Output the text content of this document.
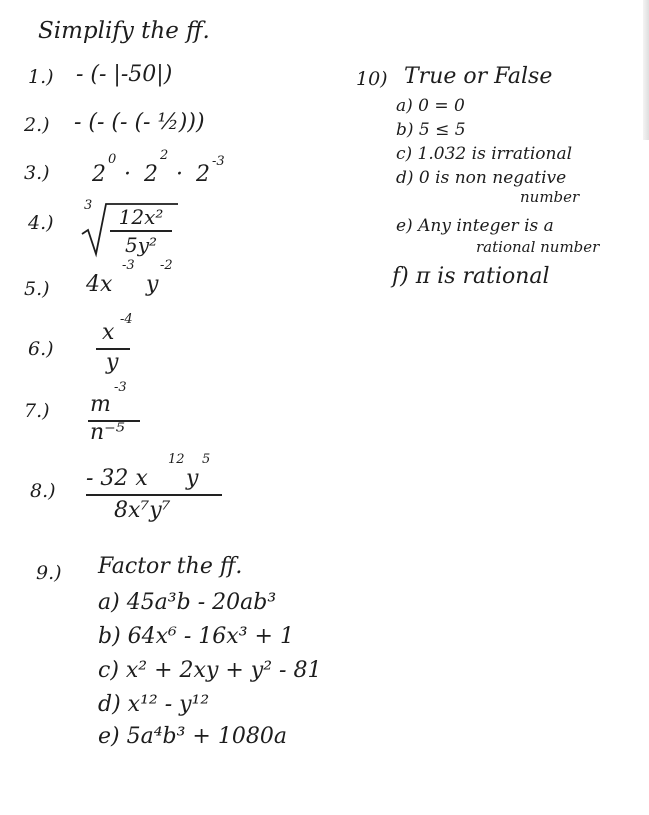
Simplify the ff.
1.) - (- |-50|)
2.) - (- (- (- ½)))
3.) 2
0
· 2
2
· 2
-3
4.)
3	12x²
5y²
5.) 4x
-3
y
-2
6.)
x
-4
y
7.) m
-3
n⁻⁵
8.) - 32 x
12
y
5
8x⁷y⁷
9.) Factor the ff.
a) 45a³b - 20ab³
b) 64x⁶ - 16x³ + 1
c) x² + 2xy + y² - 81
d) x¹² - y¹²
e) 5a⁴b³ + 1080a
10) True or False
a) 0 = 0
b) 5 ≤ 5
c) 1.032 is irrational
d) 0 is non negative
number
e) Any integer is a
rational number
f) π is rational
